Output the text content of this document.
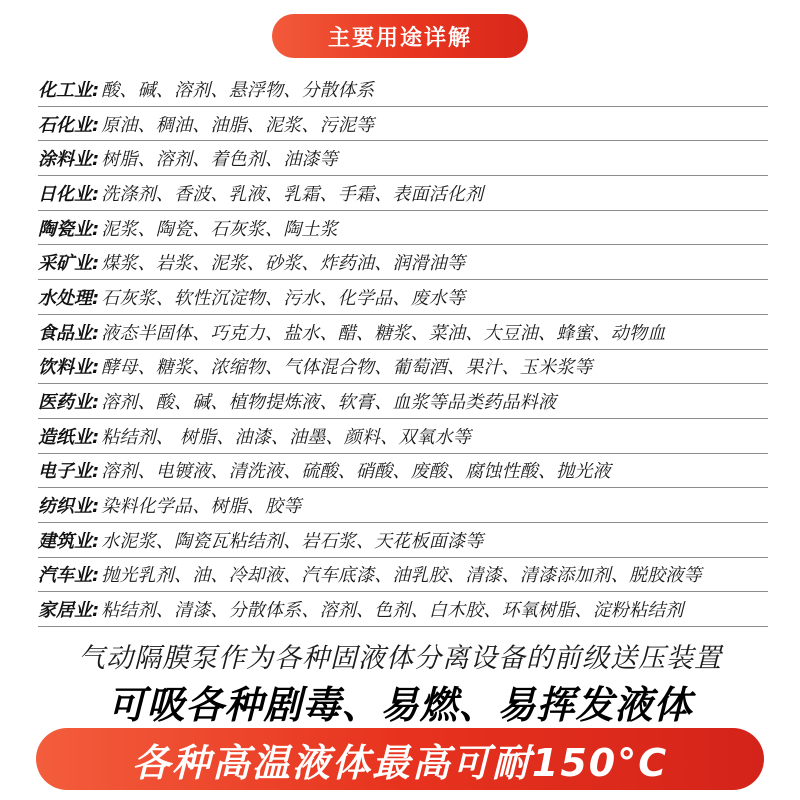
主要用途详解
化工业: 酸、碱、溶剂、悬浮物、分散体系
石化业: 原油、稠油、油脂、泥浆、污泥等
涂料业: 树脂、溶剂、着色剂、油漆等
日化业: 洗涤剂、香波、乳液、乳霜、手霜、表面活化剂
陶瓷业: 泥浆、陶瓷、石灰浆、陶土浆
采矿业: 煤浆、岩浆、泥浆、砂浆、炸药油、润滑油等
水处理: 石灰浆、软性沉淀物、污水、化学品、废水等
食品业: 液态半固体、巧克力、盐水、醋、糖浆、菜油、大豆油、蜂蜜、动物血
饮料业: 酵母、糖浆、浓缩物、气体混合物、葡萄酒、果汁、玉米浆等
医药业: 溶剂、酸、碱、植物提炼液、软膏、血浆等品类药品料液
造纸业: 粘结剂、 树脂、油漆、油墨、颜料、双氧水等
电子业: 溶剂、电镀液、清洗液、硫酸、硝酸、废酸、腐蚀性酸、抛光液
纺织业: 染料化学品、树脂、胶等
建筑业: 水泥浆、陶瓷瓦粘结剂、岩石浆、天花板面漆等
汽车业: 抛光乳剂、油、冷却液、汽车底漆、油乳胶、清漆、清漆添加剂、脱胶液等
家居业: 粘结剂、清漆、分散体系、溶剂、色剂、白木胶、环氧树脂、淀粉粘结剂
气动隔膜泵作为各种固液体分离设备的前级送压装置
可吸各种剧毒、易燃、易挥发液体
各种高温液体最高可耐150°C
